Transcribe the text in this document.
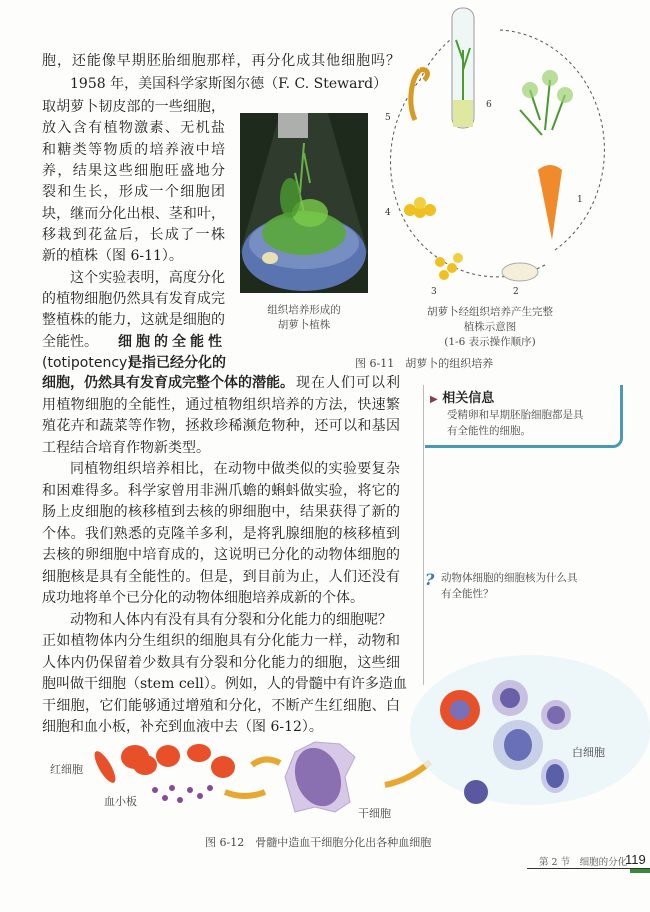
胞，还能像早期胚胎细胞那样，再分化成其他细胞吗？
1958 年，美国科学家斯图尔德（F. C. Steward）
取胡萝卜韧皮部的一些细胞，
放入含有植物激素、无机盐
和糖类等物质的培养液中培
养，结果这些细胞旺盛地分
裂和生长，形成一个细胞团
块，继而分化出根、茎和叶，
移栽到花盆后，长成了一株
新的植株（图 6-11）。
这个实验表明，高度分化
的植物细胞仍然具有发育成完
整植株的能力，这就是细胞的
全能性。 细胞的全能性
(totipotency)
是指已经分化的
细胞，仍然具有发育成完整个体的潜能。 现在人们可以利
用植物细胞的全能性，通过植物组织培养的方法，快速繁
殖花卉和蔬菜等作物，拯救珍稀濒危物种，还可以和基因
工程结合培育作物新类型。
同植物组织培养相比，在动物中做类似的实验要复杂
和困难得多。科学家曾用非洲爪蟾的蝌蚪做实验，将它的
肠上皮细胞的核移植到去核的卵细胞中，结果获得了新的
个体。我们熟悉的克隆羊多利，是将乳腺细胞的核移植到
去核的卵细胞中培育成的，这说明已分化的动物体细胞的
细胞核是具有全能性的。但是，到目前为止，人们还没有
成功地将单个已分化的动物体细胞培养成新的个体。
动物和人体内有没有具有分裂和分化能力的细胞呢？
正如植物体内分生组织的细胞具有分化能力一样，动物和
人体内仍保留着少数具有分裂和分化能力的细胞，这些细
胞叫做干细胞（stem cell）。例如，人的骨髓中有许多造血
干细胞，它们能够通过增殖和分化，不断产生红细胞、白
细胞和血小板，补充到血液中去（图 6-12）。
组织培养形成的
胡萝卜植株
1
2
3
4
5
6
胡萝卜经组织培养产生完整
植株示意图
(1-6 表示操作顺序)
图 6-11　胡萝卜的组织培养
▶ 相关信息
受精卵和早期胚胎细胞都是具
有全能性的细胞。
? 动物体细胞的细胞核为什么具
有全能性？
红细胞
血小板
干细胞
白细胞
图 6-12　骨髓中造血干细胞分化出各种血细胞
第 2 节　细胞的分化
119
